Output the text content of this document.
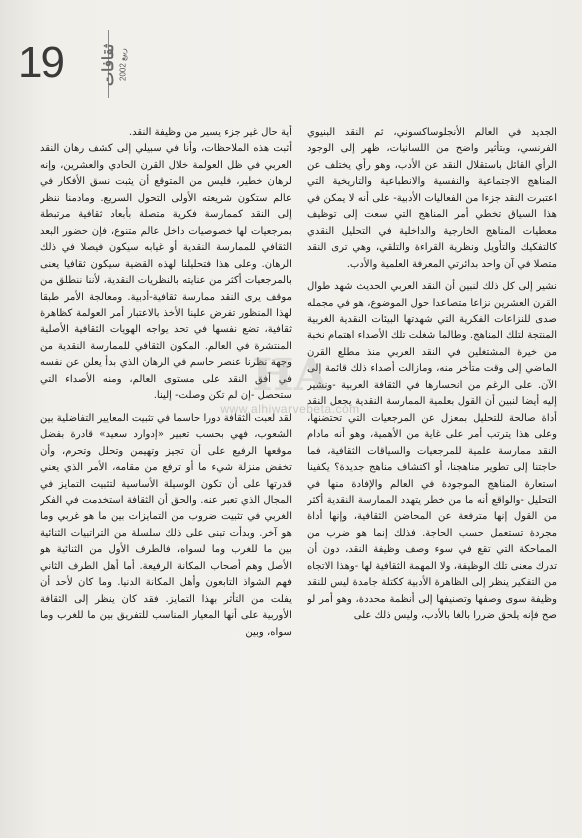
19 ثقافات ربيع 2002

الجديد في العالم الأنجلوساكسوني، ثم النقد البنيوي الفرنسي، وبتأثير واضح من اللسانيات، ظهر إلى الوجود الرأي القائل باستقلال النقد عن الأدب، وهو رأي يختلف عن المناهج الاجتماعية والنفسية والانطباعية والتاريخية التي اعتبرت النقد جزءا من الفعاليات الأدبية- على أنه لا يمكن في هذا السياق تخطي أمر المناهج التي سعت إلى توظيف معطيات المناهج الخارجية والداخلية في التحليل النقدي كالتفكيك والتأويل ونظرية القراءة والتلقي، وهي ترى النقد متصلا في آن واحد بدائرتي المعرفة العلمية والأدب.

نشير إلى كل ذلك لنبين أن النقد العربي الحديث شهد طوال القرن العشرين نزاعا متصاعدا حول الموضوع، هو في مجمله صدى للنزاعات الفكرية التي شهدتها البيئات النقدية الغربية المنتجة لتلك المناهج. وطالما شغلت تلك الأصداء اهتمام نخبة من خيرة المشتغلين في النقد العربي منذ مطلع القرن الماضي إلى وقت متأخر منه، ومازالت أصداء ذلك قائمة إلى الآن. على الرغم من انحسارها في الثقافة العربية -ونشير إليه أيضا لنبين أن القول بعلمية الممارسة النقدية يجعل النقد أداة صالحة للتحليل بمعزل عن المرجعيات التي تحتضنها، وعلى هذا يترتب أمر على غاية من الأهمية، وهو أنه مادام النقد ممارسة علمية للمرجعيات والسياقات الثقافية، فما حاجتنا إلى تطوير مناهجنا، أو اكتشاف مناهج جديدة؟ يكفينا استعارة المناهج الموجودة في العالم والإفادة منها في التحليل -والواقع أنه ما من خطر يتهدد الممارسة النقدية أكثر من القول إنها مترفعة عن المحاضن الثقافية، وإنها أداة مجردة تستعمل حسب الحاجة. فذلك إنما هو ضرب من المماحكة التي تقع في سوء وصف وظيفة النقد، دون أن تدرك معنى تلك الوظيفة، ولا المهمة الثقافية لها -وهذا الاتجاه من التفكير ينظر إلى الظاهرة الأدبية ككتلة جامدة ليس للنقد وظيفة سوى وصفها وتصنيفها إلى أنظمة محددة، وهو أمر لو صح فإنه يلحق ضررا بالغا بالأدب، وليس ذلك على

أية حال غير جزء يسير من وظيفة النقد.

أثبت هذه الملاحظات، وأنا في سبيلي إلى كشف رهان النقد العربي في ظل العولمة خلال القرن الحادي والعشرين، وإنه لرهان خطير، فليس من المتوقع أن يثبت نسق الأفكار في عالم ستكون شريعته الأولى التحول السريع. ومادمنا ننظر إلى النقد كممارسة فكرية متصلة بأبعاد ثقافية مرتبطة بمرجعيات لها خصوصيات داخل عالم متنوع، فإن حضور البعد الثقافي للممارسة النقدية أو غيابه سيكون فيصلا في ذلك الرهان. وعلى هذا فتحليلنا لهذه القضية سيكون ثقافيا يعنى بالمرجعيات أكثر من عنايته بالنظريات النقدية، لأننا ننطلق من موقف يرى النقد ممارسة ثقافية-أدبية. ومعالجة الأمر طبقا لهذا المنظور تفرض علينا الأخذ بالاعتبار أمر العولمة كظاهرة ثقافية، تضع نفسها في تحد يواجه الهويات الثقافية الأصلية المنتشرة في العالم. المكون الثقافي للممارسة النقدية من وجهة نظرنا عنصر حاسم في الرهان الذي بدأ يعلن عن نفسه في أفق النقد على مستوى العالم، ومنه الأصداء التي ستحصل -إن لم تكن وصلت- إلينا.

لقد لعبت الثقافة دورا حاسما في تثبيت المعايير التفاضلية بين الشعوب، فهي بحسب تعبير «إدوارد سعيد» قادرة بفضل موقعها الرفيع على أن تجيز وتهيمن وتحلل وتحرم، وأن تخفض منزلة شيء ما أو ترفع من مقامه، الأمر الذي يعني قدرتها على أن تكون الوسيلة الأساسية لتثبيت التمايز في المجال الذي تعبر عنه. والحق أن الثقافة استخدمت في الفكر الغربي في تثبيت ضروب من التمايزات بين ما هو غربي وما هو آخر. وبدأت تبنى على ذلك سلسلة من التراتبيات الثنائية بين ما للغرب وما لسواه، فالطرف الأول من الثنائية هو الأصل وهم أصحاب المكانة الرفيعة. أما أهل الطرف الثاني فهم الشواذ التابعون وأهل المكانة الدنيا. وما كان لأحد أن يفلت من التأثر بهذا التمايز. فقد كان ينظر إلى الثقافة الأوربية على أنها المعيار المناسب للتفريق بين ما للغرب وما سواه، وبين

HA
www.alhiwarvebeta.com
